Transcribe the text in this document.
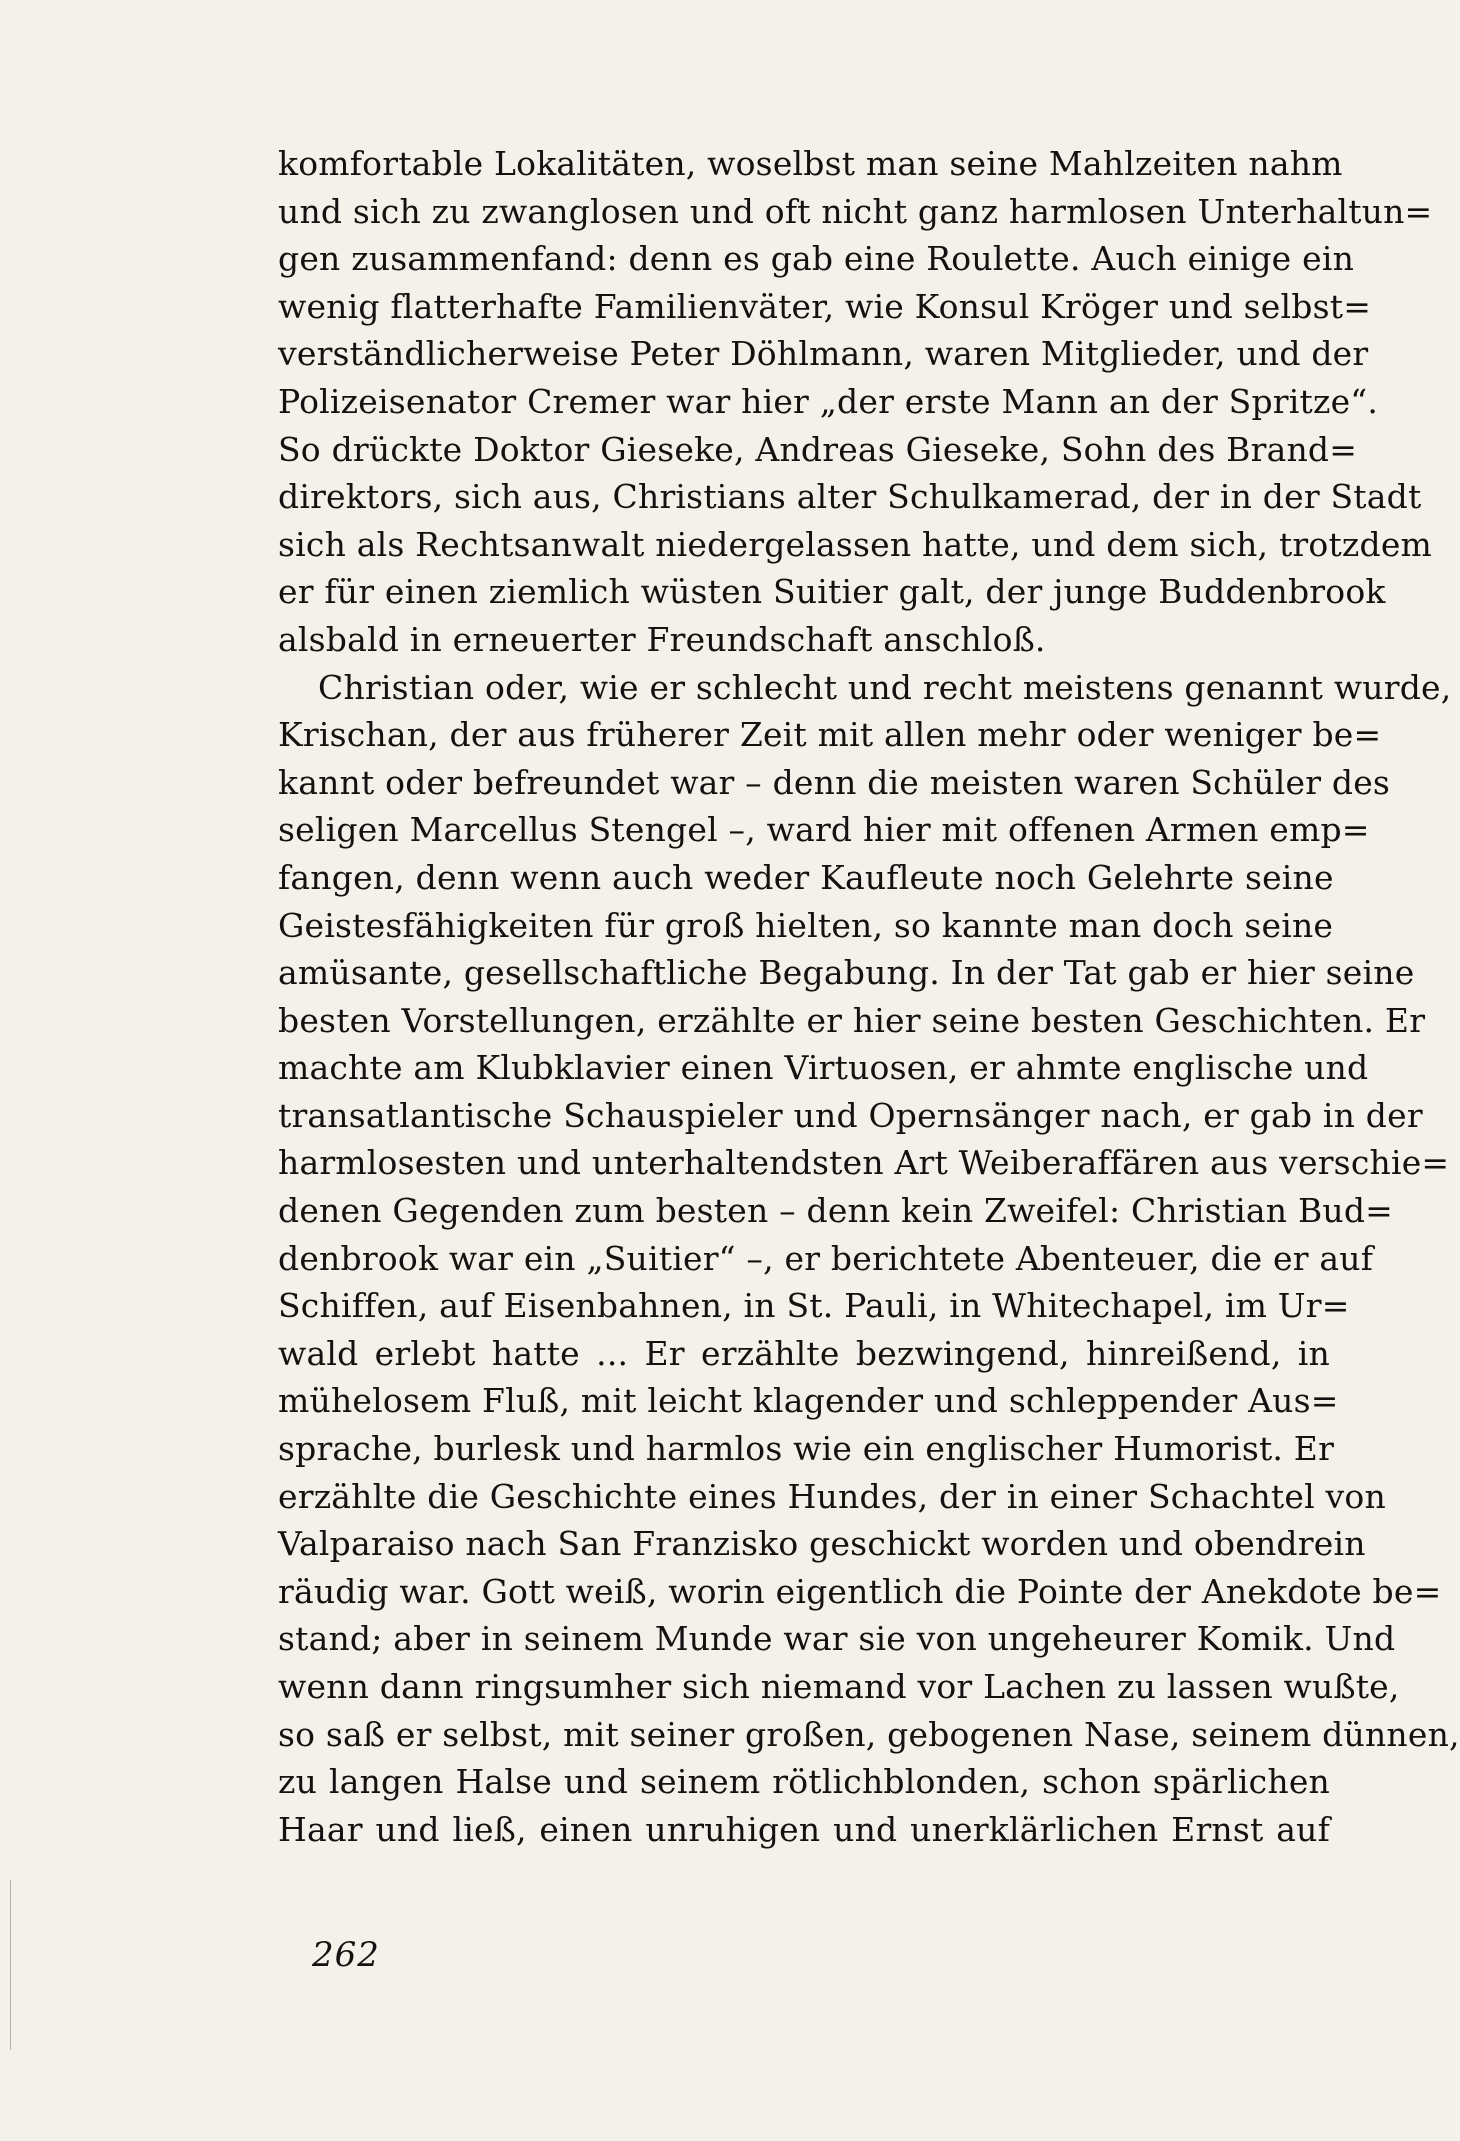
komfortable Lokalitäten, woselbst man seine Mahlzeiten nahm
und sich zu zwanglosen und oft nicht ganz harmlosen Unterhaltun=
gen zusammenfand: denn es gab eine Roulette. Auch einige ein
wenig flatterhafte Familienväter, wie Konsul Kröger und selbst=
verständlicherweise Peter Döhlmann, waren Mitglieder, und der
Polizeisenator Cremer war hier „der erste Mann an der Spritze“.
So drückte Doktor Gieseke, Andreas Gieseke, Sohn des Brand=
direktors, sich aus, Christians alter Schulkamerad, der in der Stadt
sich als Rechtsanwalt niedergelassen hatte, und dem sich, trotzdem
er für einen ziemlich wüsten Suitier galt, der junge Buddenbrook
alsbald in erneuerter Freundschaft anschloß.
Christian oder, wie er schlecht und recht meistens genannt wurde,
Krischan, der aus früherer Zeit mit allen mehr oder weniger be=
kannt oder befreundet war – denn die meisten waren Schüler des
seligen Marcellus Stengel –, ward hier mit offenen Armen emp=
fangen, denn wenn auch weder Kaufleute noch Gelehrte seine
Geistesfähigkeiten für groß hielten, so kannte man doch seine
amüsante, gesellschaftliche Begabung. In der Tat gab er hier seine
besten Vorstellungen, erzählte er hier seine besten Geschichten. Er
machte am Klubklavier einen Virtuosen, er ahmte englische und
transatlantische Schauspieler und Opernsänger nach, er gab in der
harmlosesten und unterhaltendsten Art Weiberaffären aus verschie=
denen Gegenden zum besten – denn kein Zweifel: Christian Bud=
denbrook war ein „Suitier“ –, er berichtete Abenteuer, die er auf
Schiffen, auf Eisenbahnen, in St. Pauli, in Whitechapel, im Ur=
wald erlebt hatte ... Er erzählte bezwingend, hinreißend, in
mühelosem Fluß, mit leicht klagender und schleppender Aus=
sprache, burlesk und harmlos wie ein englischer Humorist. Er
erzählte die Geschichte eines Hundes, der in einer Schachtel von
Valparaiso nach San Franzisko geschickt worden und obendrein
räudig war. Gott weiß, worin eigentlich die Pointe der Anekdote be=
stand; aber in seinem Munde war sie von ungeheurer Komik. Und
wenn dann ringsumher sich niemand vor Lachen zu lassen wußte,
so saß er selbst, mit seiner großen, gebogenen Nase, seinem dünnen,
zu langen Halse und seinem rötlichblonden, schon spärlichen
Haar und ließ, einen unruhigen und unerklärlichen Ernst auf
262
